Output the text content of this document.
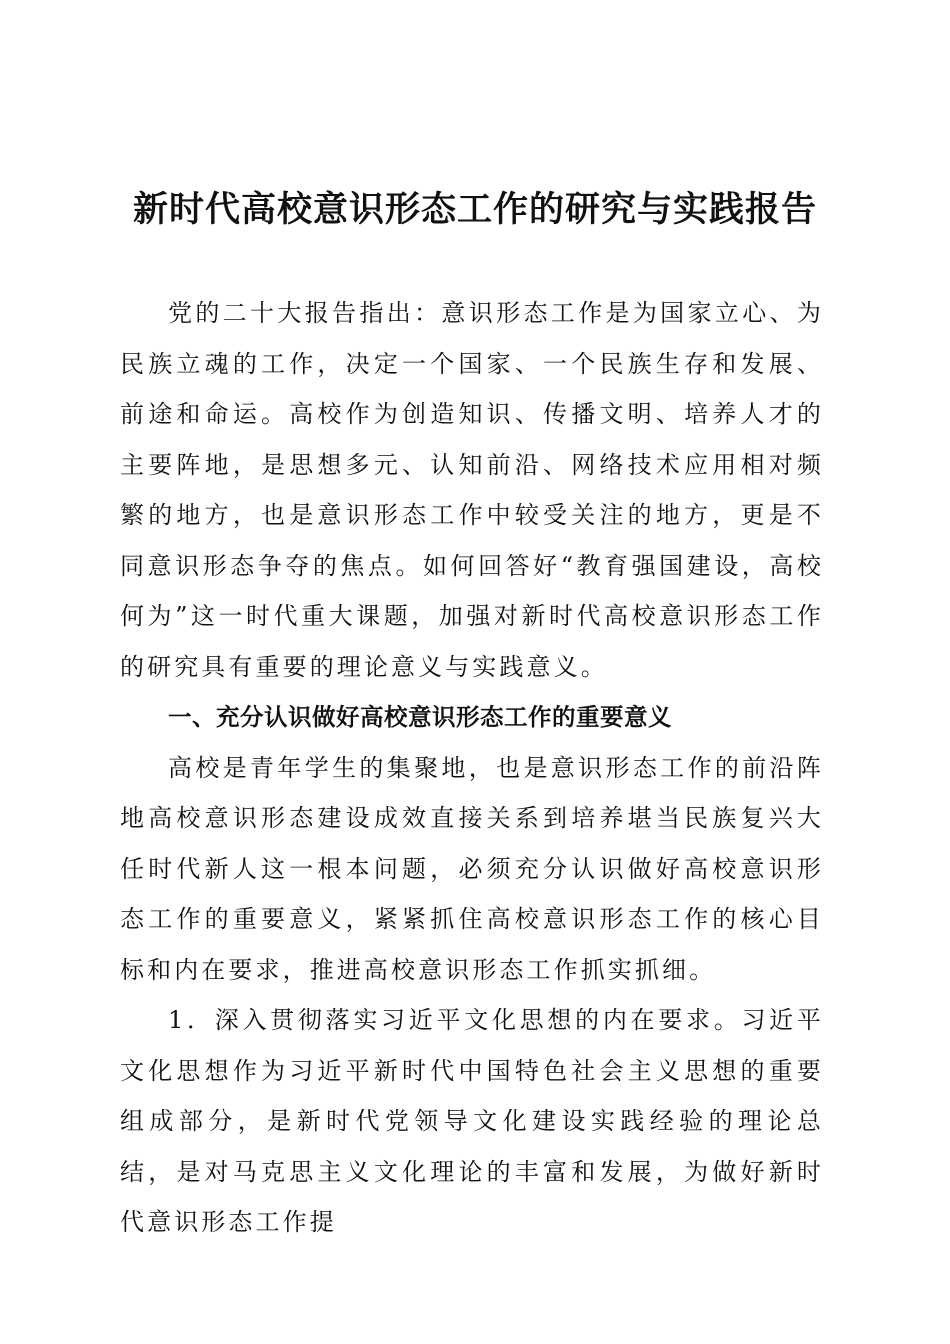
新时代高校意识形态工作的研究与实践报告

党的二十大报告指出：意识形态工作是为国家立心、为民族立魂的工作，决定一个国家、一个民族生存和发展、前途和命运。高校作为创造知识、传播文明、培养人才的主要阵地，是思想多元、认知前沿、网络技术应用相对频繁的地方，也是意识形态工作中较受关注的地方，更是不同意识形态争夺的焦点。如何回答好“教育强国建设，高校何为”这一时代重大课题，加强对新时代高校意识形态工作的研究具有重要的理论意义与实践意义。

一、充分认识做好高校意识形态工作的重要意义

高校是青年学生的集聚地，也是意识形态工作的前沿阵地高校意识形态建设成效直接关系到培养堪当民族复兴大任时代新人这一根本问题，必须充分认识做好高校意识形态工作的重要意义，紧紧抓住高校意识形态工作的核心目标和内在要求，推进高校意识形态工作抓实抓细。

1．深入贯彻落实习近平文化思想的内在要求。习近平文化思想作为习近平新时代中国特色社会主义思想的重要组成部分，是新时代党领导文化建设实践经验的理论总结，是对马克思主义文化理论的丰富和发展，为做好新时代意识形态工作提
